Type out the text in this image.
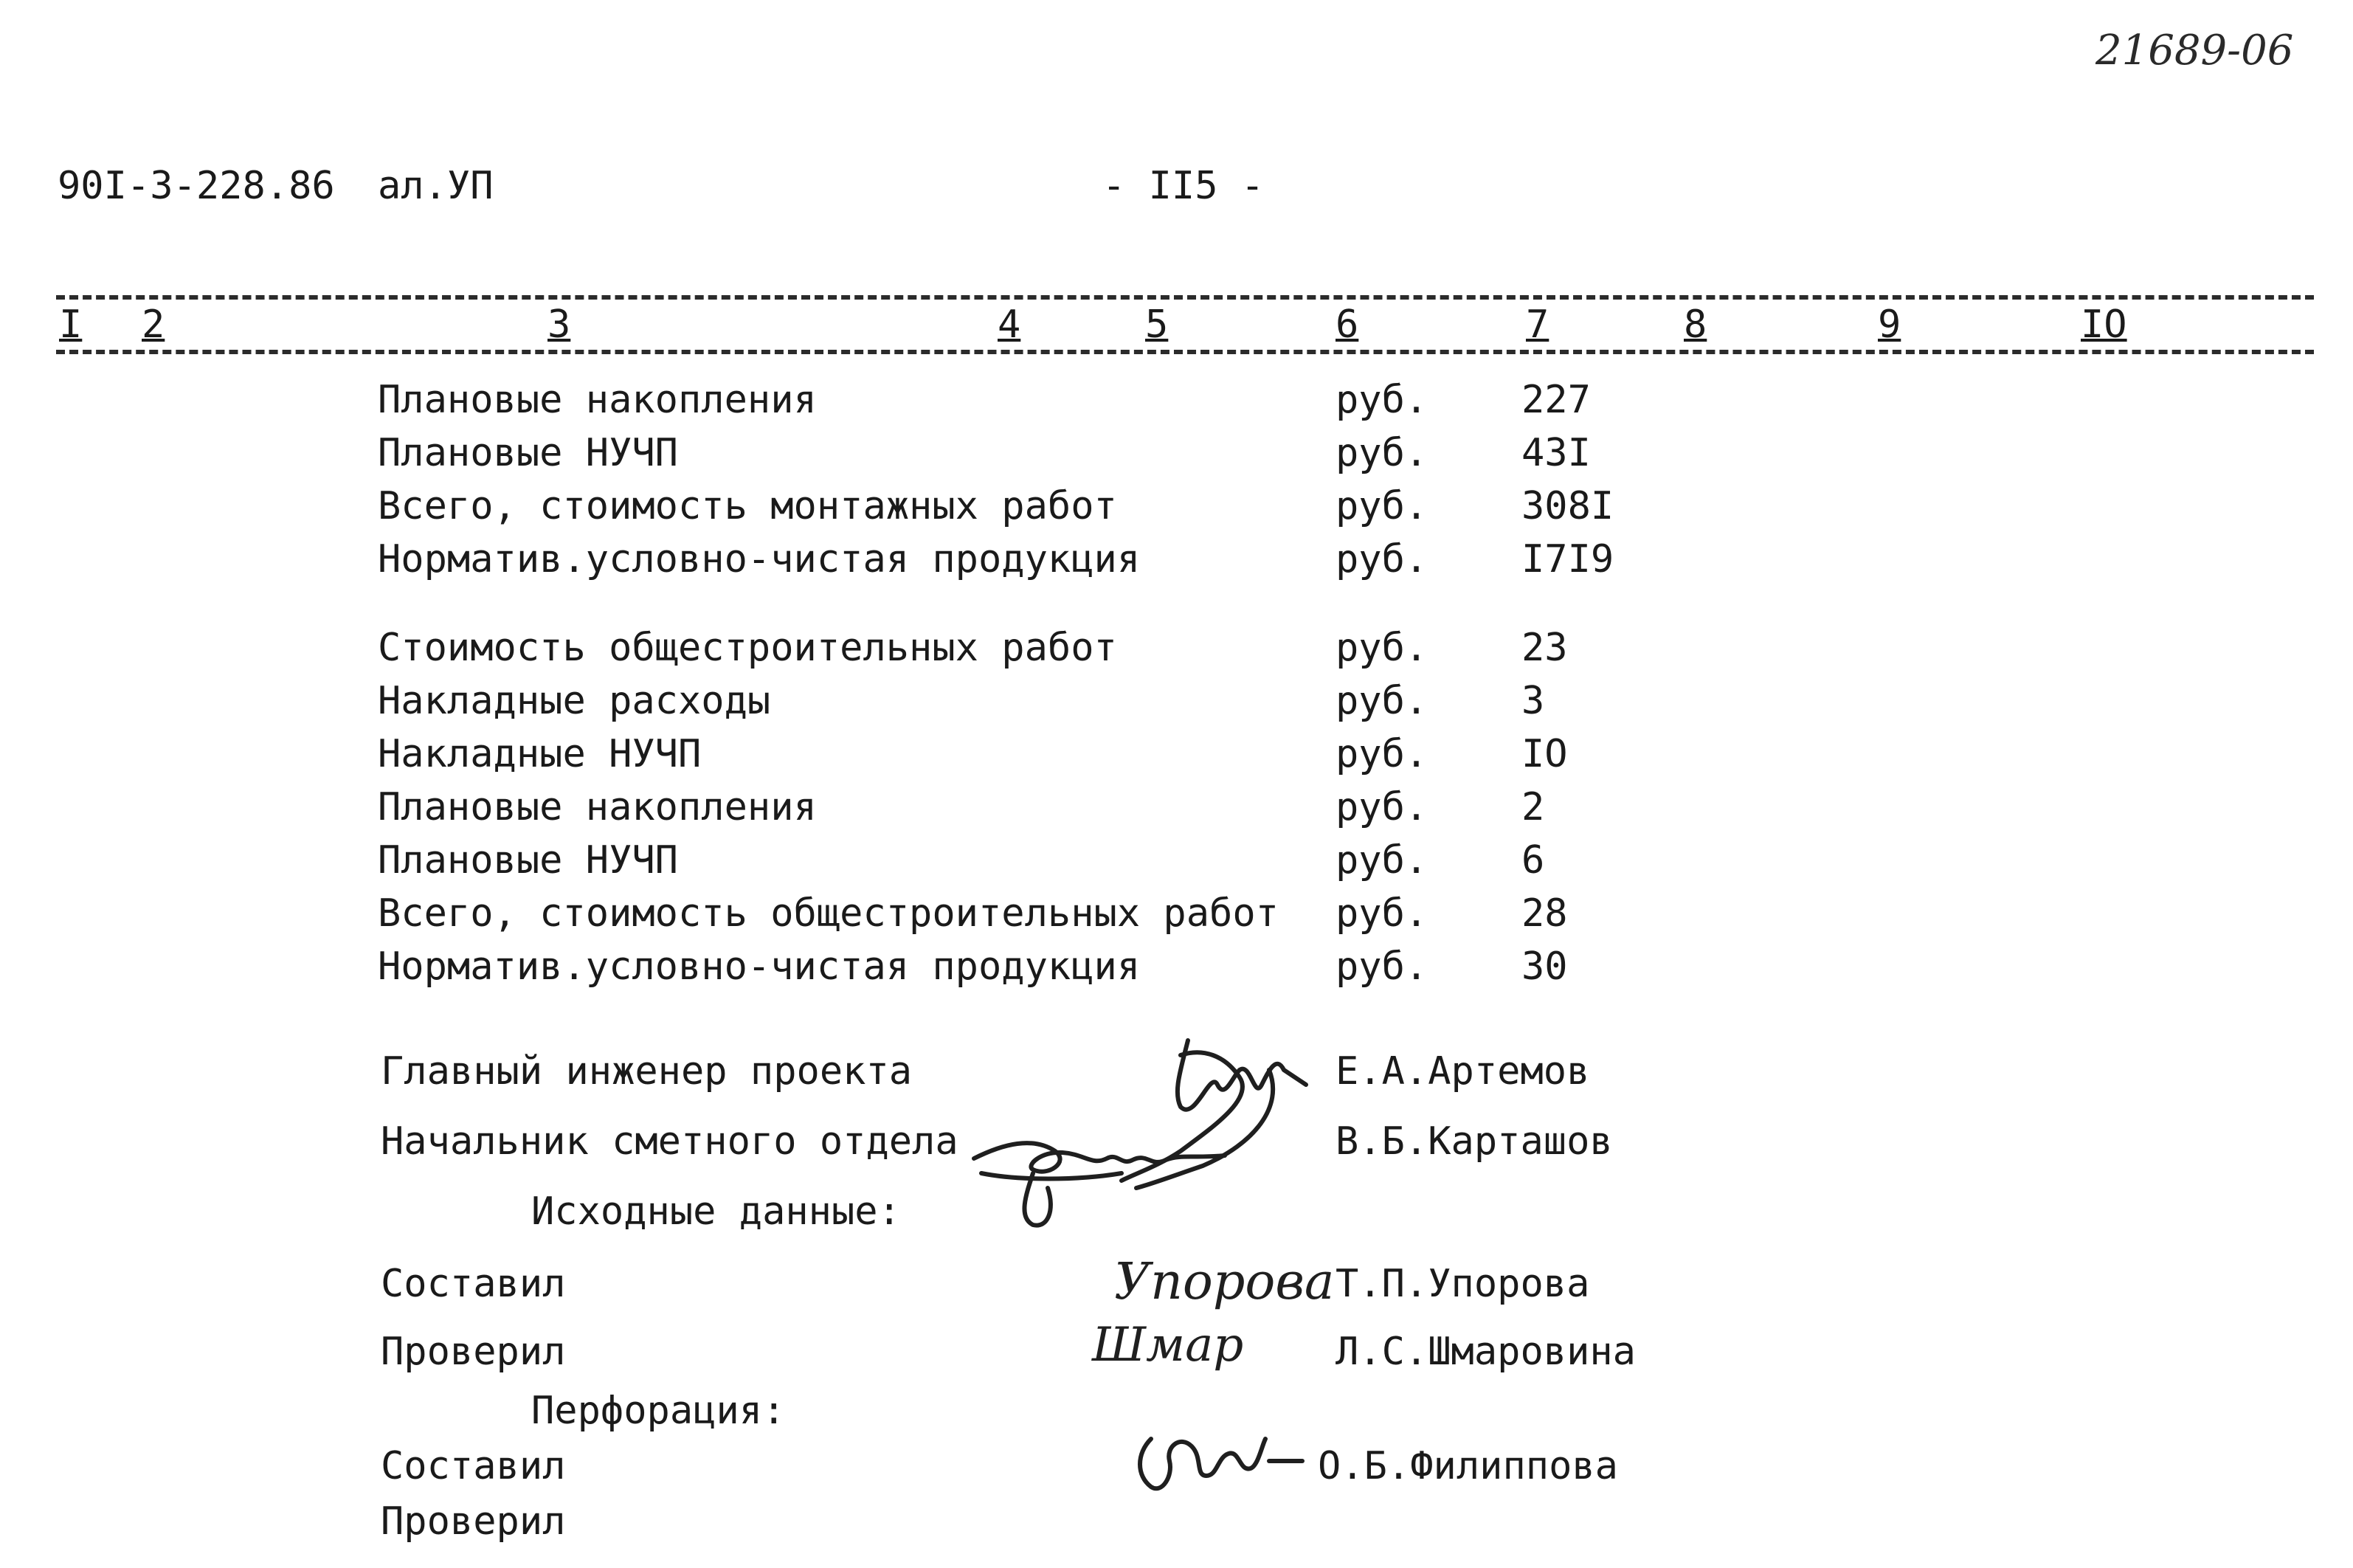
21689-06
90I-3-228.86 ал.УП	- II5 -
I 2	3	4	5	6	7	8	9	IO
Плановые накопления	руб. 227
Плановые НУЧП	руб. 43I
Всего, стоимость монтажных работ	руб. 308I
Норматив.условно-чистая продукция	руб. I7I9
Стоимость общестроительных работ	руб. 23
Накладные расходы	руб. 3
Накладные НУЧП	руб. IO
Плановые накопления	руб. 2
Плановые НУЧП	руб. 6
Всего, стоимость общестроительных работ руб. 28
Норматив.условно-чистая продукция	руб. 30
Главный инженер проекта	Е.А.Артемов
Начальник сметного отдела	В.Б.Карташов
Исходные данные:
Составил	Т.П.Упорова
Проверил	Л.С.Шмаровина
Перфорация:
Составил	О.Б.Филиппова
Проверил
Упорова
Шмар
